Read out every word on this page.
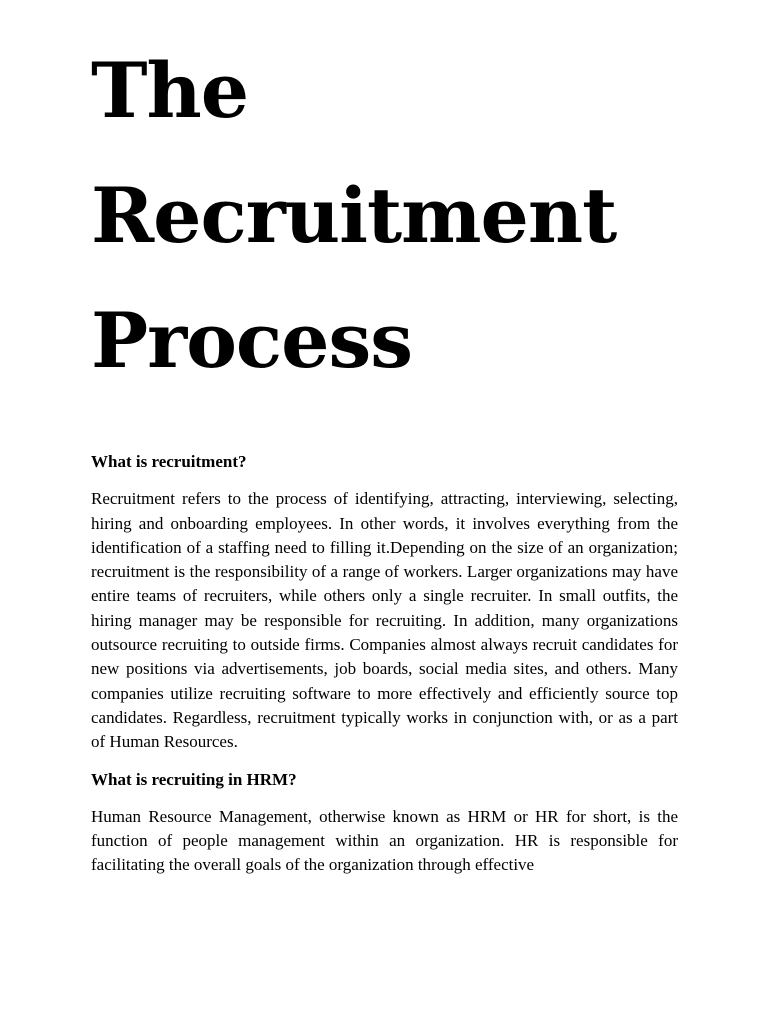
The
Recruitment
Process

What is recruitment?

Recruitment refers to the process of identifying, attracting, interviewing, selecting, hiring and onboarding employees. In other words, it involves everything from the identification of a staffing need to filling it.Depending on the size of an organization; recruitment is the responsibility of a range of workers. Larger organizations may have entire teams of recruiters, while others only a single recruiter. In small outfits, the hiring manager may be responsible for recruiting. In addition, many organizations outsource recruiting to outside firms. Companies almost always recruit candidates for new positions via advertisements, job boards, social media sites, and others. Many companies utilize recruiting software to more effectively and efficiently source top candidates. Regardless, recruitment typically works in conjunction with, or as a part of Human Resources.

What is recruiting in HRM?

Human Resource Management, otherwise known as HRM or HR for short, is the function of people management within an organization. HR is responsible for facilitating the overall goals of the organization through effective
